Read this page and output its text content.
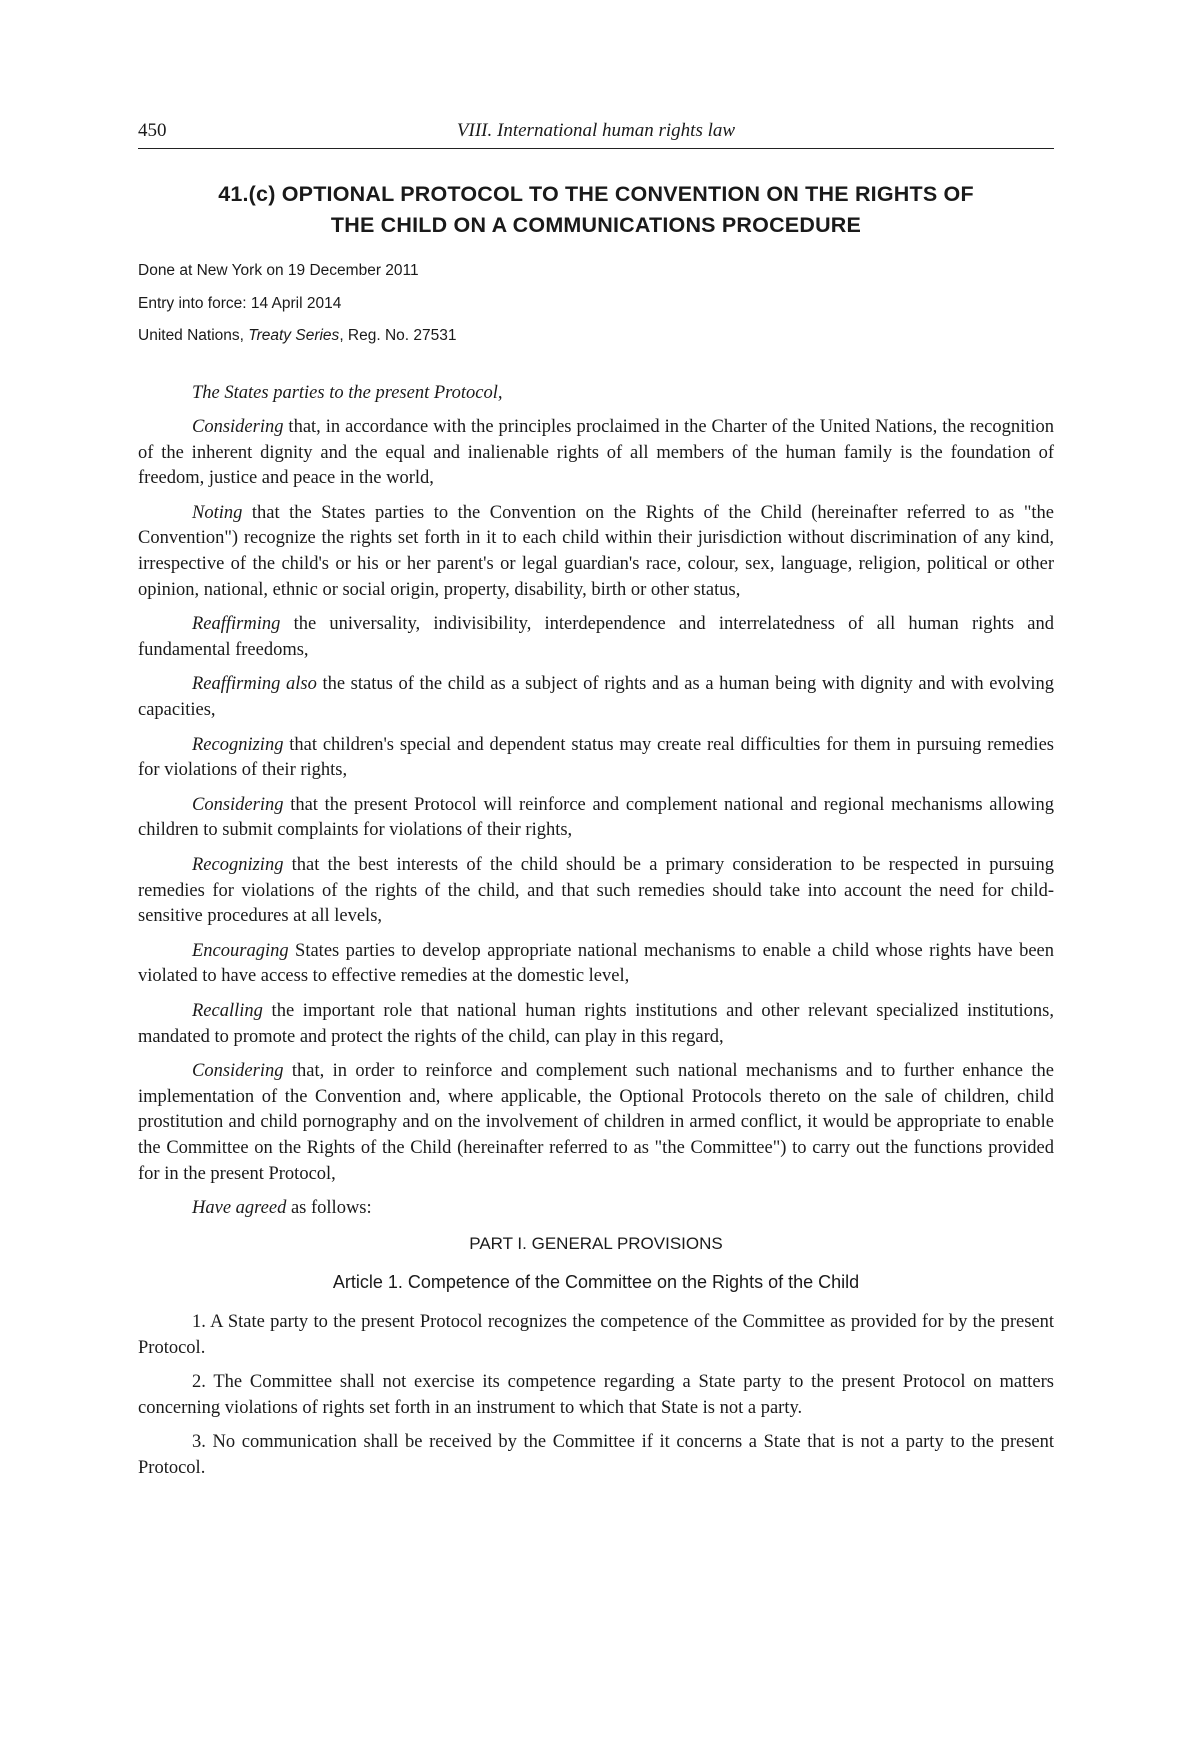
450	VIII. International human rights law
41.(c) OPTIONAL PROTOCOL TO THE CONVENTION ON THE RIGHTS OF
THE CHILD ON A COMMUNICATIONS PROCEDURE
Done at New York on 19 December 2011
Entry into force: 14 April 2014
United Nations, Treaty Series, Reg. No. 27531

The States parties to the present Protocol,

Considering that, in accordance with the principles proclaimed in the Charter of the United Nations, the recognition of the inherent dignity and the equal and inalienable rights of all members of the human family is the foundation of freedom, justice and peace in the world,

Noting that the States parties to the Convention on the Rights of the Child (hereinafter referred to as "the Convention") recognize the rights set forth in it to each child within their jurisdiction without discrimination of any kind, irrespective of the child's or his or her parent's or legal guardian's race, colour, sex, language, religion, political or other opinion, national, ethnic or social origin, property, disability, birth or other status,

Reaffirming the universality, indivisibility, interdependence and interrelatedness of all human rights and fundamental freedoms,

Reaffirming also the status of the child as a subject of rights and as a human being with dignity and with evolving capacities,

Recognizing that children's special and dependent status may create real difficulties for them in pursuing remedies for violations of their rights,

Considering that the present Protocol will reinforce and complement national and regional mechanisms allowing children to submit complaints for violations of their rights,

Recognizing that the best interests of the child should be a primary consideration to be respected in pursuing remedies for violations of the rights of the child, and that such remedies should take into account the need for child-sensitive procedures at all levels,

Encouraging States parties to develop appropriate national mechanisms to enable a child whose rights have been violated to have access to effective remedies at the domestic level,

Recalling the important role that national human rights institutions and other relevant specialized institutions, mandated to promote and protect the rights of the child, can play in this regard,

Considering that, in order to reinforce and complement such national mechanisms and to further enhance the implementation of the Convention and, where applicable, the Optional Protocols thereto on the sale of children, child prostitution and child pornography and on the involvement of children in armed conflict, it would be appropriate to enable the Committee on the Rights of the Child (hereinafter referred to as "the Committee") to carry out the functions provided for in the present Protocol,

Have agreed as follows:

PART I. GENERAL PROVISIONS
Article 1. Competence of the Committee on the Rights of the Child

1. A State party to the present Protocol recognizes the competence of the Committee as provided for by the present Protocol.

2. The Committee shall not exercise its competence regarding a State party to the present Protocol on matters concerning violations of rights set forth in an instrument to which that State is not a party.

3. No communication shall be received by the Committee if it concerns a State that is not a party to the present Protocol.
